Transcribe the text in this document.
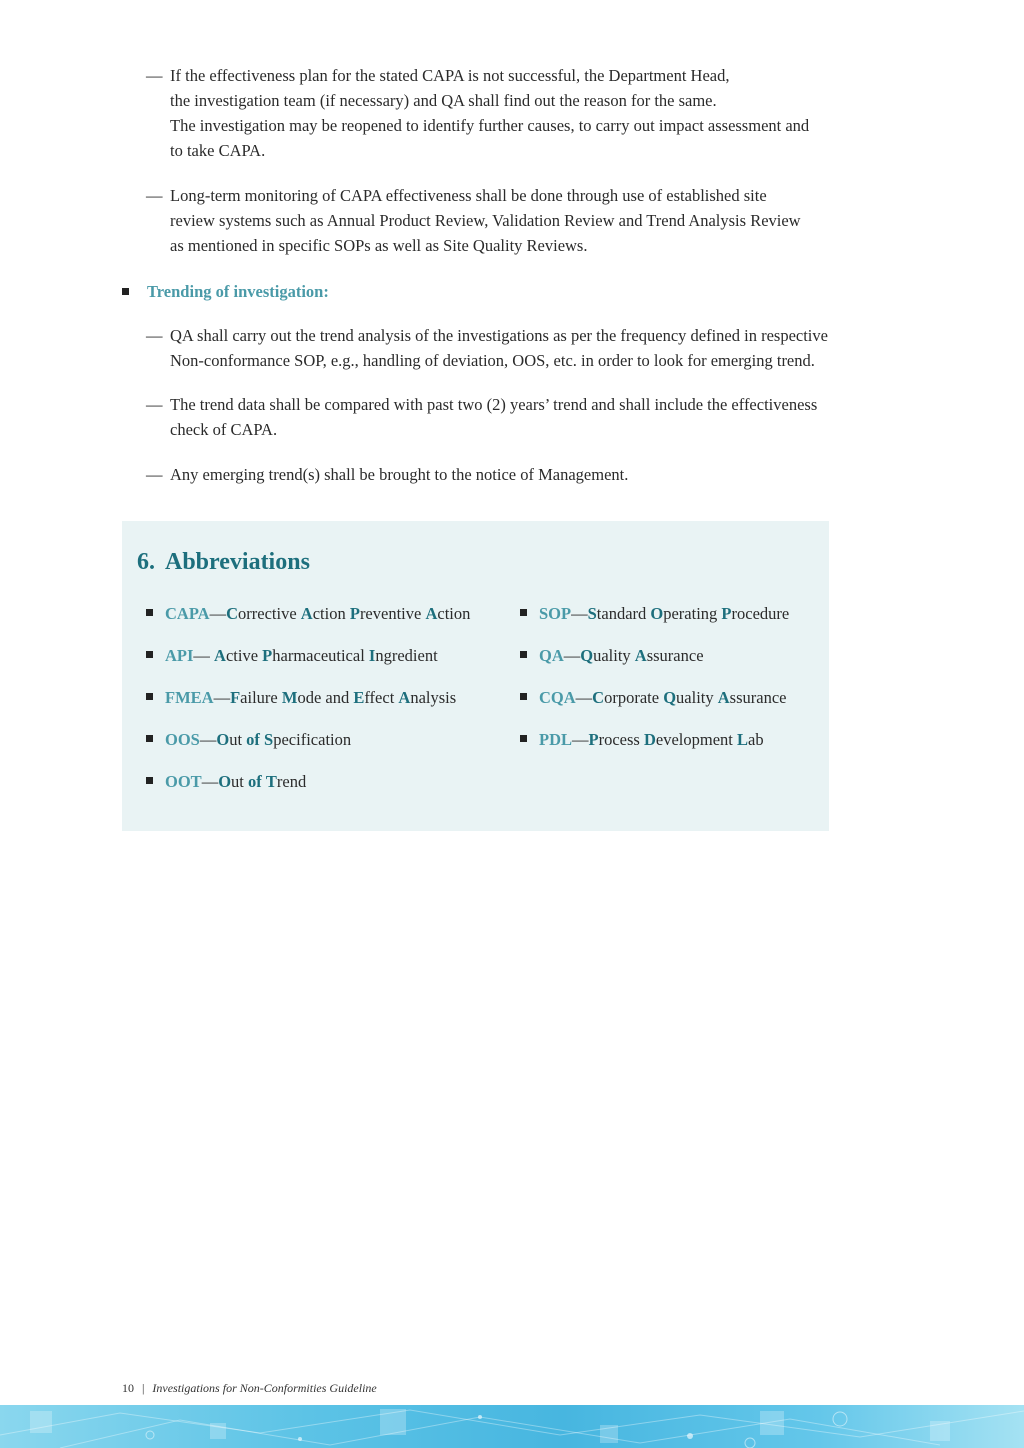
— If the effectiveness plan for the stated CAPA is not successful, the Department Head,
the investigation team (if necessary) and QA shall find out the reason for the same.
The investigation may be reopened to identify further causes, to carry out impact assessment and
to take CAPA.
— Long-term monitoring of CAPA effectiveness shall be done through use of established site
review systems such as Annual Product Review, Validation Review and Trend Analysis Review
as mentioned in specific SOPs as well as Site Quality Reviews.
Trending of investigation:
— QA shall carry out the trend analysis of the investigations as per the frequency defined in respective
Non-conformance SOP, e.g., handling of deviation, OOS, etc. in order to look for emerging trend.
— The trend data shall be compared with past two (2) years’ trend and shall include the effectiveness
check of CAPA.
— Any emerging trend(s) shall be brought to the notice of Management.
6. Abbreviations
CAPA—Corrective Action Preventive Action
API— Active Pharmaceutical Ingredient
FMEA—Failure Mode and Effect Analysis
OOS—Out of Specification
OOT—Out of Trend
SOP—Standard Operating Procedure
QA—Quality Assurance
CQA—Corporate Quality Assurance
PDL—Process Development Lab
10 | Investigations for Non-Conformities Guideline
